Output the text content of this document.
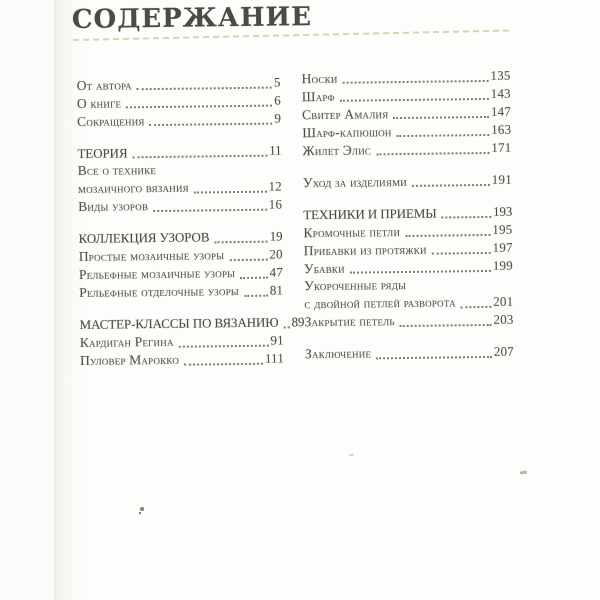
СОДЕРЖАНИЕ
От автора	5
О книге	6
Сокращения	9
ТЕОРИЯ	11
Все о технике
мозаичного вязания	12
Виды узоров	16
КОЛЛЕКЦИЯ УЗОРОВ	19
Простые мозаичные узоры	20
Рельефные мозаичные узоры	47
Рельефные отделочные узоры 81
МАСТЕР-КЛАССЫ ПО ВЯЗАНИЮ 89
Кардиган Регина	91
Пуловер Марокко	111
Носки	135
Шарф	143
Свитер Амалия	147
Шарф-капюшон	163
Жилет Элис	171
Уход за изделиями	191
ТЕХНИКИ И ПРИЕМЫ	193
Кромочные петли	195
Прибавки из протяжки	197
Убавки	199
Укороченные ряды
с двойной петлей разворота	201
Закрытие петель	203
Заключение	207
